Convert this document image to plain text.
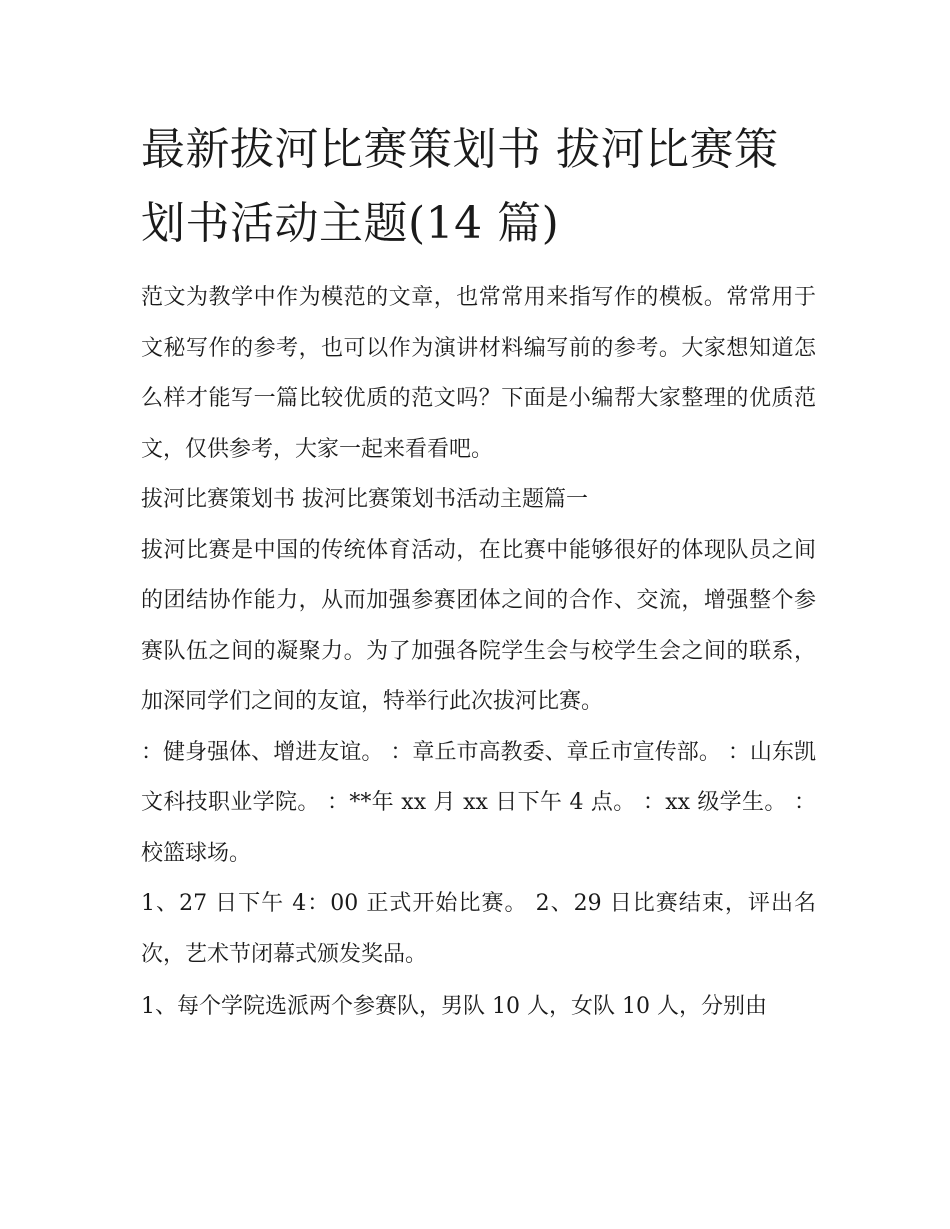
最新拔河比赛策划书 拔河比赛策划书活动主题(14 篇)

范文为教学中作为模范的文章，也常常用来指写作的模板。常常用于文秘写作的参考，也可以作为演讲材料编写前的参考。大家想知道怎么样才能写一篇比较优质的范文吗？下面是小编帮大家整理的优质范文，仅供参考，大家一起来看看吧。

拔河比赛策划书 拔河比赛策划书活动主题篇一

拔河比赛是中国的传统体育活动，在比赛中能够很好的体现队员之间的团结协作能力，从而加强参赛团体之间的合作、交流，增强整个参赛队伍之间的凝聚力。为了加强各院学生会与校学生会之间的联系，加深同学们之间的友谊，特举行此次拔河比赛。

：健身强体、增进友谊。 ：章丘市高教委、章丘市宣传部。 ：山东凯文科技职业学院。 ：**年 xx 月 xx 日下午 4 点。 ：xx 级学生。 ：校篮球场。

1、27 日下午 4：00 正式开始比赛。 2、29 日比赛结束，评出名次，艺术节闭幕式颁发奖品。

1、每个学院选派两个参赛队，男队 10 人，女队 10 人，分别由
